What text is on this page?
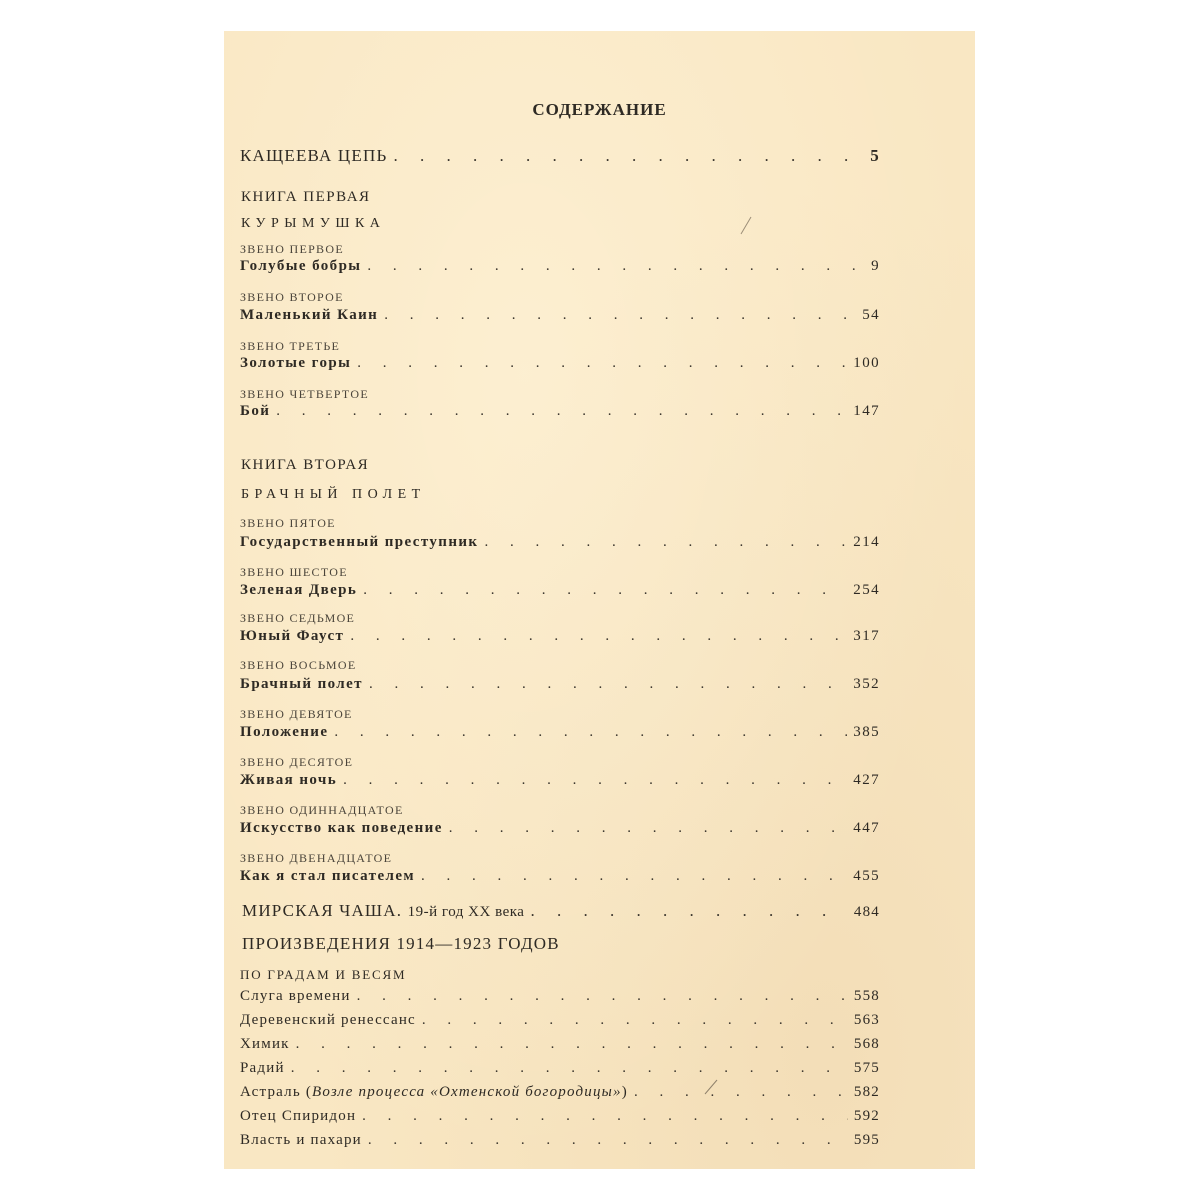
СОДЕРЖАНИЕ
КАЩЕЕВА ЦЕПЬ . . .	5
КНИГА ПЕРВАЯ
КУРЫМУШКА
ЗВЕНО ПЕРВОЕ
Голубые бобры . . .	9
ЗВЕНО ВТОРОЕ
Маленький Каин . . .	54
ЗВЕНО ТРЕТЬЕ
Золотые горы . . .	100
ЗВЕНО ЧЕТВЕРТОЕ
Бой . . .	147
КНИГА ВТОРАЯ
БРАЧНЫЙ ПОЛЕТ
ЗВЕНО ПЯТОЕ
Государственный преступник . . .	214
ЗВЕНО ШЕСТОЕ
Зеленая Дверь . . .	254
ЗВЕНО СЕДЬМОЕ
Юный Фауст . . .	317
ЗВЕНО ВОСЬМОЕ
Брачный полет . . .	352
ЗВЕНО ДЕВЯТОЕ
Положение . . .	385
ЗВЕНО ДЕСЯТОЕ
Живая ночь . . .	427
ЗВЕНО ОДИННАДЦАТОЕ
Искусство как поведение . . .	447
ЗВЕНО ДВЕНАДЦАТОЕ
Как я стал писателем . . .	455
МИРСКАЯ ЧАША. 19-й год XX века . . .	484
ПРОИЗВЕДЕНИЯ 1914—1923 ГОДОВ
ПО ГРАДАМ И ВЕСЯМ
Слуга времени . . .	558
Деревенский ренессанс . . .	563
Химик . . .	568
Радий . . .	575
Астраль (Возле процесса «Охтенской богородицы») . . .	582
Отец Спиридон . . .	592
Власть и пахари . . .	595
